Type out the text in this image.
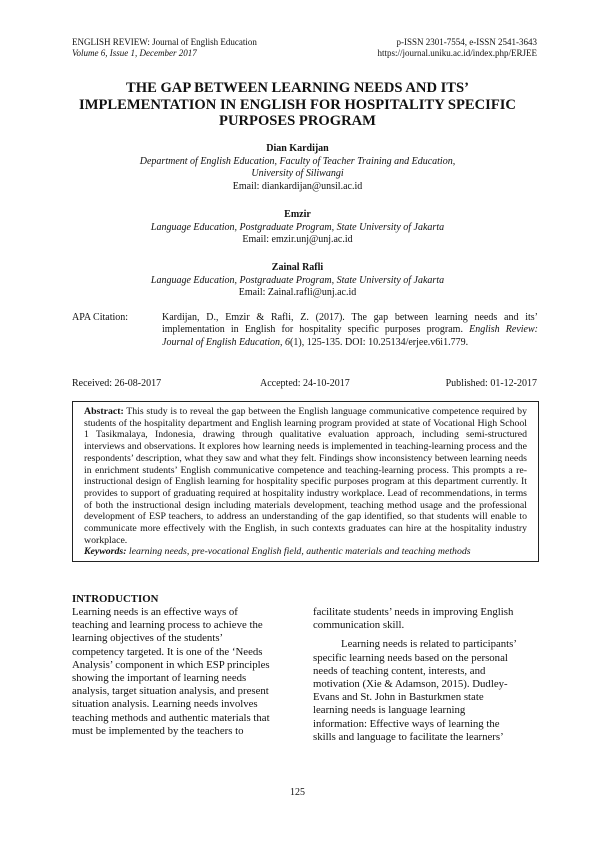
ENGLISH REVIEW: Journal of English Education
Volume 6, Issue 1, December 2017
p-ISSN 2301-7554, e-ISSN 2541-3643
https://journal.uniku.ac.id/index.php/ERJEE
THE GAP BETWEEN LEARNING NEEDS AND ITS’ IMPLEMENTATION IN ENGLISH FOR HOSPITALITY SPECIFIC PURPOSES PROGRAM
Dian Kardijan
Department of English Education, Faculty of Teacher Training and Education,
University of Siliwangi
Email: diankardijan@unsil.ac.id
Emzir
Language Education, Postgraduate Program, State University of Jakarta
Email: emzir.unj@unj.ac.id
Zainal Rafli
Language Education, Postgraduate Program, State University of Jakarta
Email: Zainal.rafli@unj.ac.id
APA Citation:	Kardijan, D., Emzir & Rafli, Z. (2017). The gap between learning needs and its’ implementation in English for hospitality specific purposes program. English Review: Journal of English Education, 6(1), 125-135. DOI: 10.25134/erjee.v6i1.779.
Received: 26-08-2017	Accepted: 24-10-2017	Published: 01-12-2017
Abstract: This study is to reveal the gap between the English language communicative competence required by students of the hospitality department and English learning program provided at state of Vocational High School 1 Tasikmalaya, Indonesia, drawing through qualitative evaluation approach, including semi-structured interviews and observations. It explores how learning needs is implemented in teaching-learning process and the respondents’ description, what they saw and what they felt. Findings show inconsistency between learning needs in enrichment students’ English communicative competence and teaching-learning process. This prompts a re-instructional design of English learning for hospitality specific purposes program at this department currently. It provides to support of graduating required at hospitality industry workplace. Lead of recommendations, in terms of both the instructional design including materials development, teaching method usage and the professional development of ESP teachers, to address an understanding of the gap identified, so that students will enable to communicate more effectively with the English, in such contexts graduates can hire at the hospitality industry workplace.
Keywords: learning needs, pre-vocational English field, authentic materials and teaching methods
INTRODUCTION
Learning needs is an effective ways of
teaching and learning process to achieve the
learning objectives of the students’
competency targeted. It is one of the ‘Needs
Analysis’ component in which ESP principles
showing the important of learning needs
analysis, target situation analysis, and present
situation analysis. Learning needs involves
teaching methods and authentic materials that
must be implemented by the teachers to
facilitate students’ needs in improving English
communication skill.
Learning needs is related to participants’
specific learning needs based on the personal
needs of teaching content, interests, and
motivation (Xie & Adamson, 2015). Dudley-
Evans and St. John in Basturkmen state
learning needs is language learning
information: Effective ways of learning the
skills and language to facilitate the learners’
125
